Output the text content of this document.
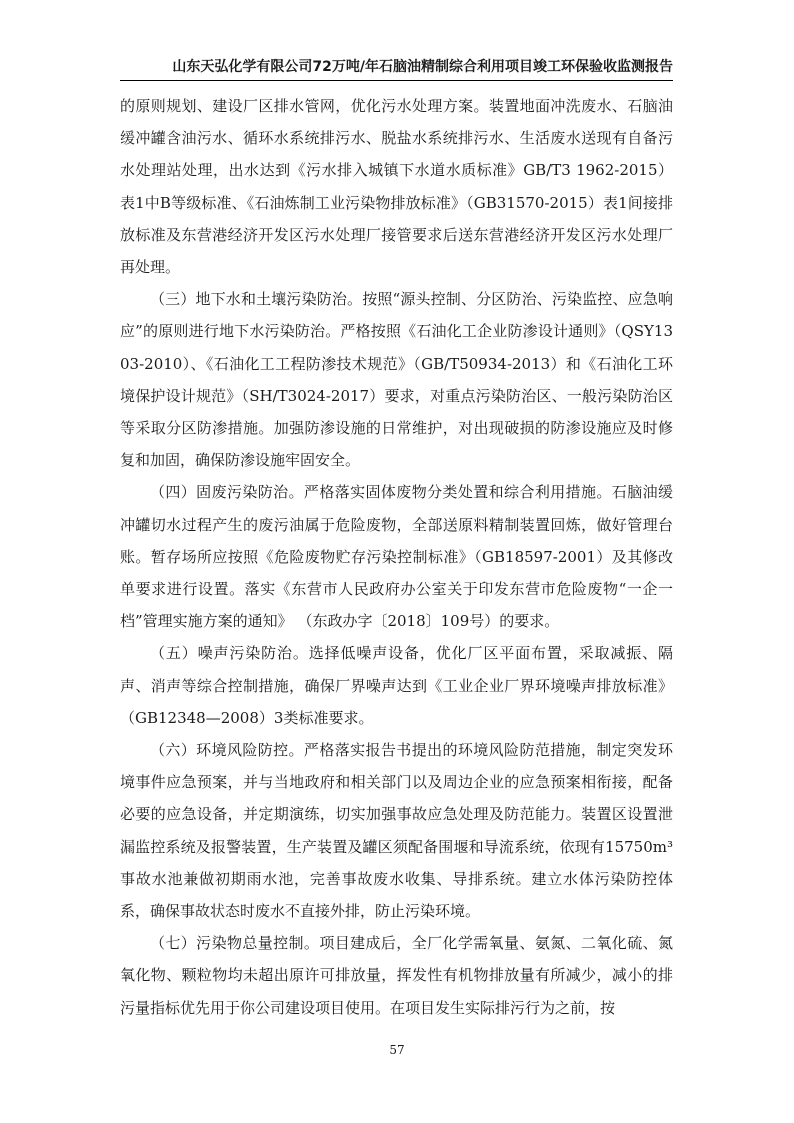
山东天弘化学有限公司72万吨/年石脑油精制综合利用项目竣工环保验收监测报告

的原则规划、建设厂区排水管网，优化污水处理方案。装置地面冲洗废水、石脑油缓冲罐含油污水、循环水系统排污水、脱盐水系统排污水、生活废水送现有自备污水处理站处理，出水达到《污水排入城镇下水道水质标准》GB/T3 1962-2015）表1中B等级标准、《石油炼制工业污染物排放标准》（GB31570-2015）表1间接排放标准及东营港经济开发区污水处理厂接管要求后送东营港经济开发区污水处理厂再处理。

（三）地下水和土壤污染防治。按照“源头控制、分区防治、污染监控、应急响应”的原则进行地下水污染防治。严格按照《石油化工企业防渗设计通则》（QSY1303-2010）、《石油化工工程防渗技术规范》（GB/T50934-2013）和《石油化工环境保护设计规范》（SH/T3024-2017）要求，对重点污染防治区、一般污染防治区等采取分区防渗措施。加强防渗设施的日常维护，对出现破损的防渗设施应及时修复和加固，确保防渗设施牢固安全。

（四）固废污染防治。严格落实固体废物分类处置和综合利用措施。石脑油缓冲罐切水过程产生的废污油属于危险废物，全部送原料精制装置回炼，做好管理台账。暂存场所应按照《危险废物贮存污染控制标准》（GB18597-2001）及其修改单要求进行设置。落实《东营市人民政府办公室关于印发东营市危险废物“一企一档”管理实施方案的通知》 （东政办字〔2018〕109号）的要求。

（五）噪声污染防治。选择低噪声设备，优化厂区平面布置，采取减振、隔声、消声等综合控制措施，确保厂界噪声达到《工业企业厂界环境噪声排放标准》（GB12348—2008）3类标准要求。

（六）环境风险防控。严格落实报告书提出的环境风险防范措施，制定突发环境事件应急预案，并与当地政府和相关部门以及周边企业的应急预案相衔接，配备必要的应急设备，并定期演练，切实加强事故应急处理及防范能力。装置区设置泄漏监控系统及报警装置，生产装置及罐区须配备围堰和导流系统，依现有15750m³事故水池兼做初期雨水池，完善事故废水收集、导排系统。建立水体污染防控体系，确保事故状态时废水不直接外排，防止污染环境。

（七）污染物总量控制。项目建成后，全厂化学需氧量、氨氮、二氧化硫、氮氧化物、颗粒物均未超出原许可排放量，挥发性有机物排放量有所减少，减小的排污量指标优先用于你公司建设项目使用。在项目发生实际排污行为之前，按

57
